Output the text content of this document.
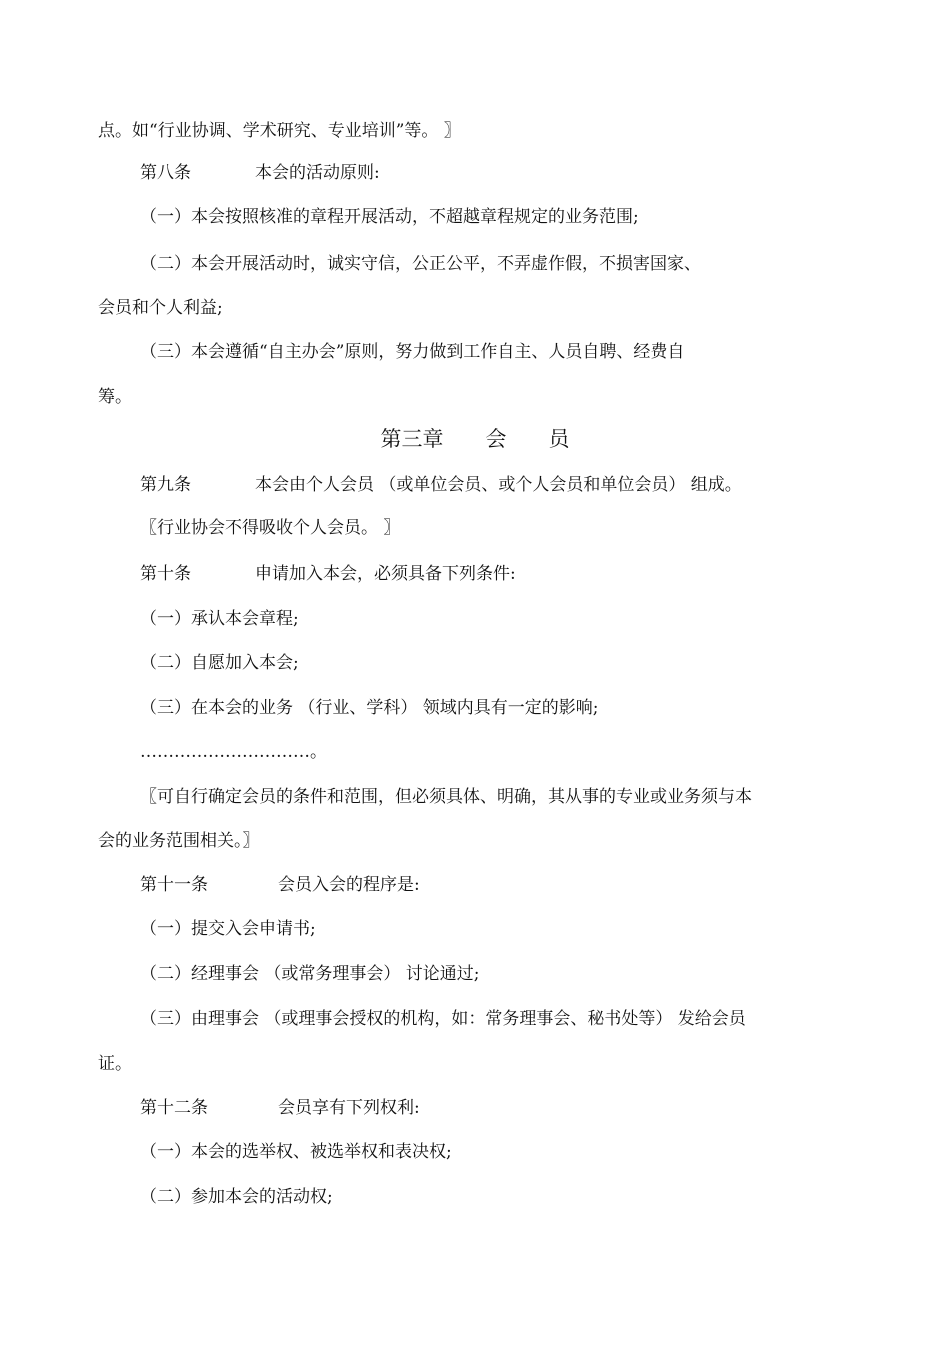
点。如“行业协调、学术研究、专业培训”等。 〗
第八条	本会的活动原则:
（一）本会按照核准的章程开展活动，不超越章程规定的业务范围;
（二）本会开展活动时，诚实守信，公正公平，不弄虚作假，不损害国家、
会员和个人利益;
（三）本会遵循“自主办会”原则，努力做到工作自主、人员自聘、经费自
筹。
第三章　　会　　员
第九条	本会由个人会员 （或单位会员、或个人会员和单位会员） 组成。
〖行业协会不得吸收个人会员。 〗
第十条	申请加入本会，必须具备下列条件:
（一）承认本会章程;
（二）自愿加入本会;
（三）在本会的业务 （行业、学科） 领域内具有一定的影响;
…………………………。
〖可自行确定会员的条件和范围，但必须具体、明确，其从事的专业或业务须与本
会的业务范围相关。〗
第十一条	会员入会的程序是:
（一）提交入会申请书;
（二）经理事会 （或常务理事会） 讨论通过;
（三）由理事会 （或理事会授权的机构，如：常务理事会、秘书处等） 发给会员
证。
第十二条	会员享有下列权利:
（一）本会的选举权、被选举权和表决权;
（二）参加本会的活动权;
